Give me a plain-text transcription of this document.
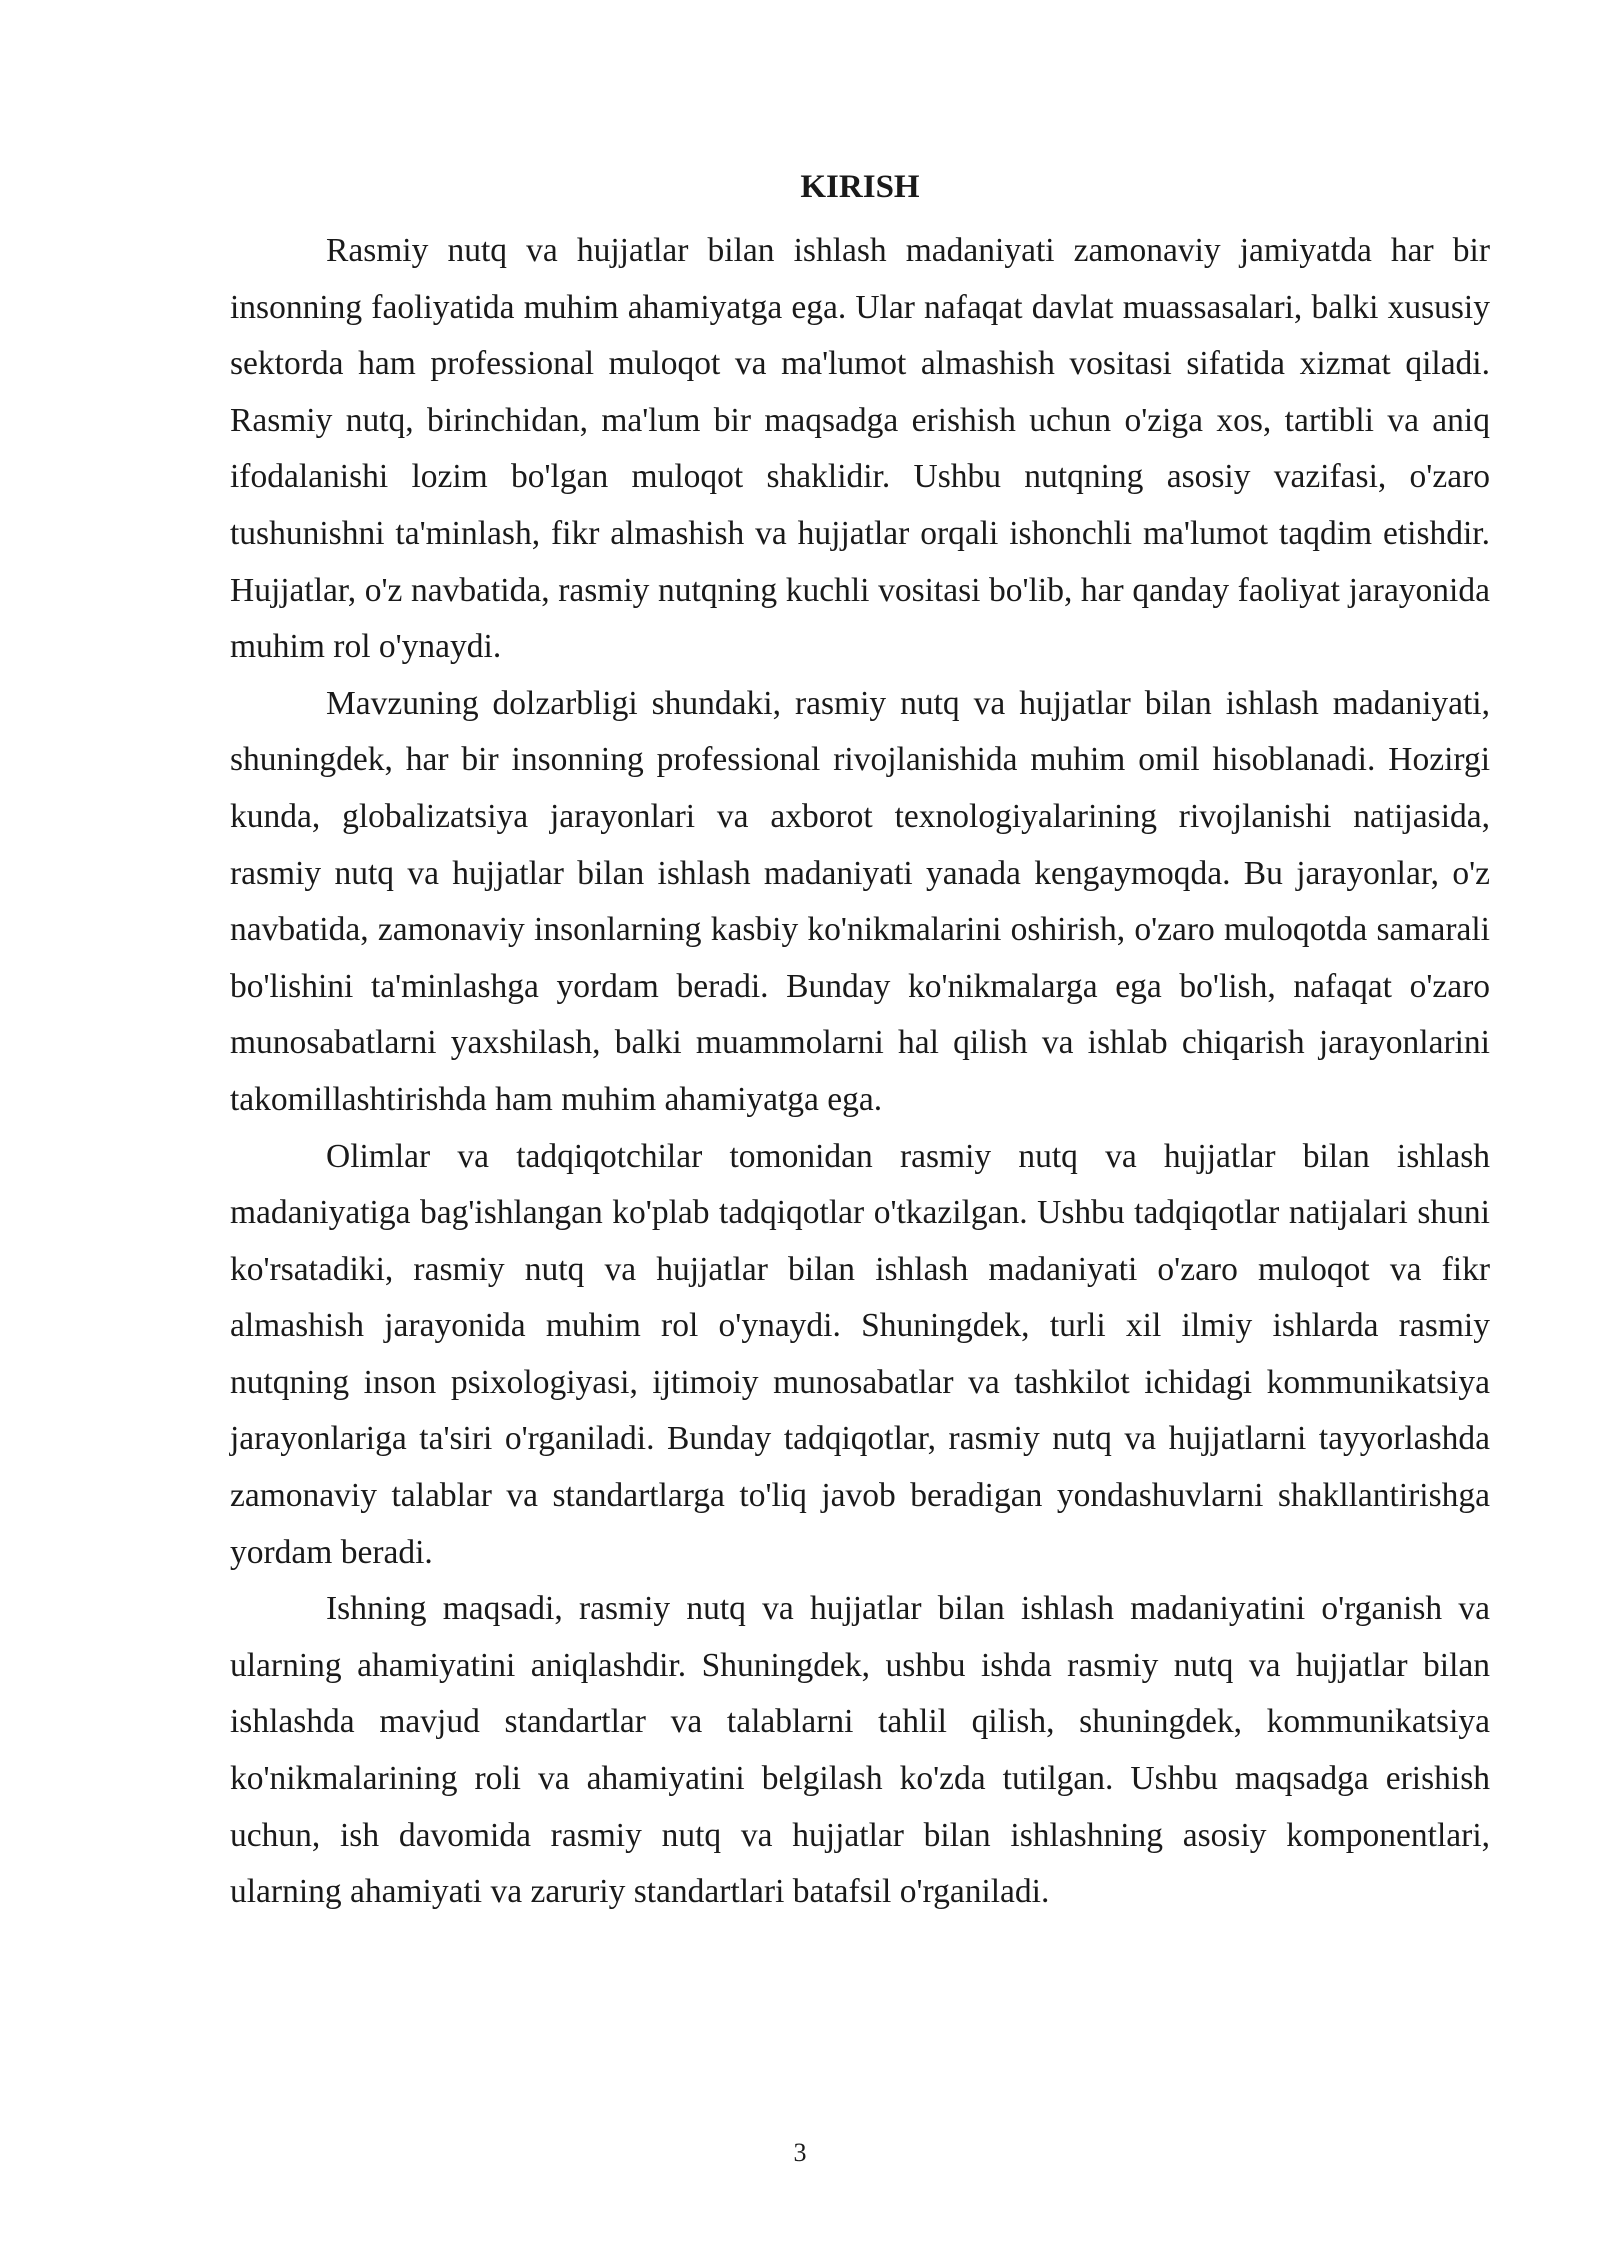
KIRISH

Rasmiy nutq va hujjatlar bilan ishlash madaniyati zamonaviy jamiyatda har bir insonning faoliyatida muhim ahamiyatga ega. Ular nafaqat davlat muassasalari, balki xususiy sektorda ham professional muloqot va ma'lumot almashish vositasi sifatida xizmat qiladi. Rasmiy nutq, birinchidan, ma'lum bir maqsadga erishish uchun o'ziga xos, tartibli va aniq ifodalanishi lozim bo'lgan muloqot shaklidir. Ushbu nutqning asosiy vazifasi, o'zaro tushunishni ta'minlash, fikr almashish va hujjatlar orqali ishonchli ma'lumot taqdim etishdir. Hujjatlar, o'z navbatida, rasmiy nutqning kuchli vositasi bo'lib, har qanday faoliyat jarayonida muhim rol o'ynaydi.

Mavzuning dolzarbligi shundaki, rasmiy nutq va hujjatlar bilan ishlash madaniyati, shuningdek, har bir insonning professional rivojlanishida muhim omil hisoblanadi. Hozirgi kunda, globalizatsiya jarayonlari va axborot texnologiyalarining rivojlanishi natijasida, rasmiy nutq va hujjatlar bilan ishlash madaniyati yanada kengaymoqda. Bu jarayonlar, o'z navbatida, zamonaviy insonlarning kasbiy ko'nikmalarini oshirish, o'zaro muloqotda samarali bo'lishini ta'minlashga yordam beradi. Bunday ko'nikmalarga ega bo'lish, nafaqat o'zaro munosabatlarni yaxshilash, balki muammolarni hal qilish va ishlab chiqarish jarayonlarini takomillashtirishda ham muhim ahamiyatga ega.

Olimlar va tadqiqotchilar tomonidan rasmiy nutq va hujjatlar bilan ishlash madaniyatiga bag'ishlangan ko'plab tadqiqotlar o'tkazilgan. Ushbu tadqiqotlar natijalari shuni ko'rsatadiki, rasmiy nutq va hujjatlar bilan ishlash madaniyati o'zaro muloqot va fikr almashish jarayonida muhim rol o'ynaydi. Shuningdek, turli xil ilmiy ishlarda rasmiy nutqning inson psixologiyasi, ijtimoiy munosabatlar va tashkilot ichidagi kommunikatsiya jarayonlariga ta'siri o'rganiladi. Bunday tadqiqotlar, rasmiy nutq va hujjatlarni tayyorlashda zamonaviy talablar va standartlarga to'liq javob beradigan yondashuvlarni shakllantirishga yordam beradi.

Ishning maqsadi, rasmiy nutq va hujjatlar bilan ishlash madaniyatini o'rganish va ularning ahamiyatini aniqlashdir. Shuningdek, ushbu ishda rasmiy nutq va hujjatlar bilan ishlashda mavjud standartlar va talablarni tahlil qilish, shuningdek, kommunikatsiya ko'nikmalarining roli va ahamiyatini belgilash ko'zda tutilgan. Ushbu maqsadga erishish uchun, ish davomida rasmiy nutq va hujjatlar bilan ishlashning asosiy komponentlari, ularning ahamiyati va zaruriy standartlari batafsil o'rganiladi.

3
